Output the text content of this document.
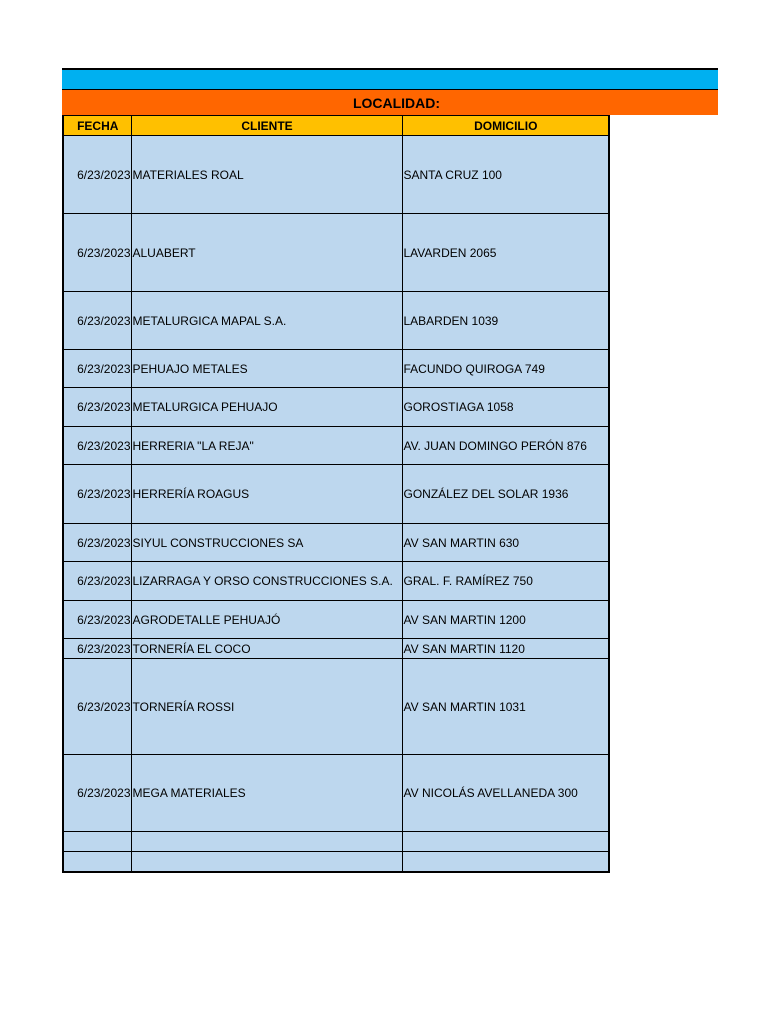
LOCALIDAD:
FECHA	CLIENTE	DOMICILIO
6/23/2023	MATERIALES ROAL	SANTA CRUZ 100
6/23/2023	ALUABERT	LAVARDEN 2065
6/23/2023	METALURGICA MAPAL S.A.	LABARDEN 1039
6/23/2023	PEHUAJO METALES	FACUNDO QUIROGA 749
6/23/2023	METALURGICA PEHUAJO	GOROSTIAGA 1058
6/23/2023	HERRERIA "LA REJA"	AV. JUAN DOMINGO PERÓN 876
6/23/2023	HERRERÍA ROAGUS	GONZÁLEZ DEL SOLAR 1936
6/23/2023	SIYUL CONSTRUCCIONES SA	AV SAN MARTIN 630
6/23/2023	LIZARRAGA Y ORSO CONSTRUCCIONES S.A.	GRAL. F. RAMÍREZ 750
6/23/2023	AGRODETALLE PEHUAJÓ	AV SAN MARTIN 1200
6/23/2023	TORNERÍA EL COCO	AV SAN MARTIN 1120
6/23/2023	TORNERÍA ROSSI	AV SAN MARTIN 1031
6/23/2023	MEGA MATERIALES	AV NICOLÁS AVELLANEDA 300
